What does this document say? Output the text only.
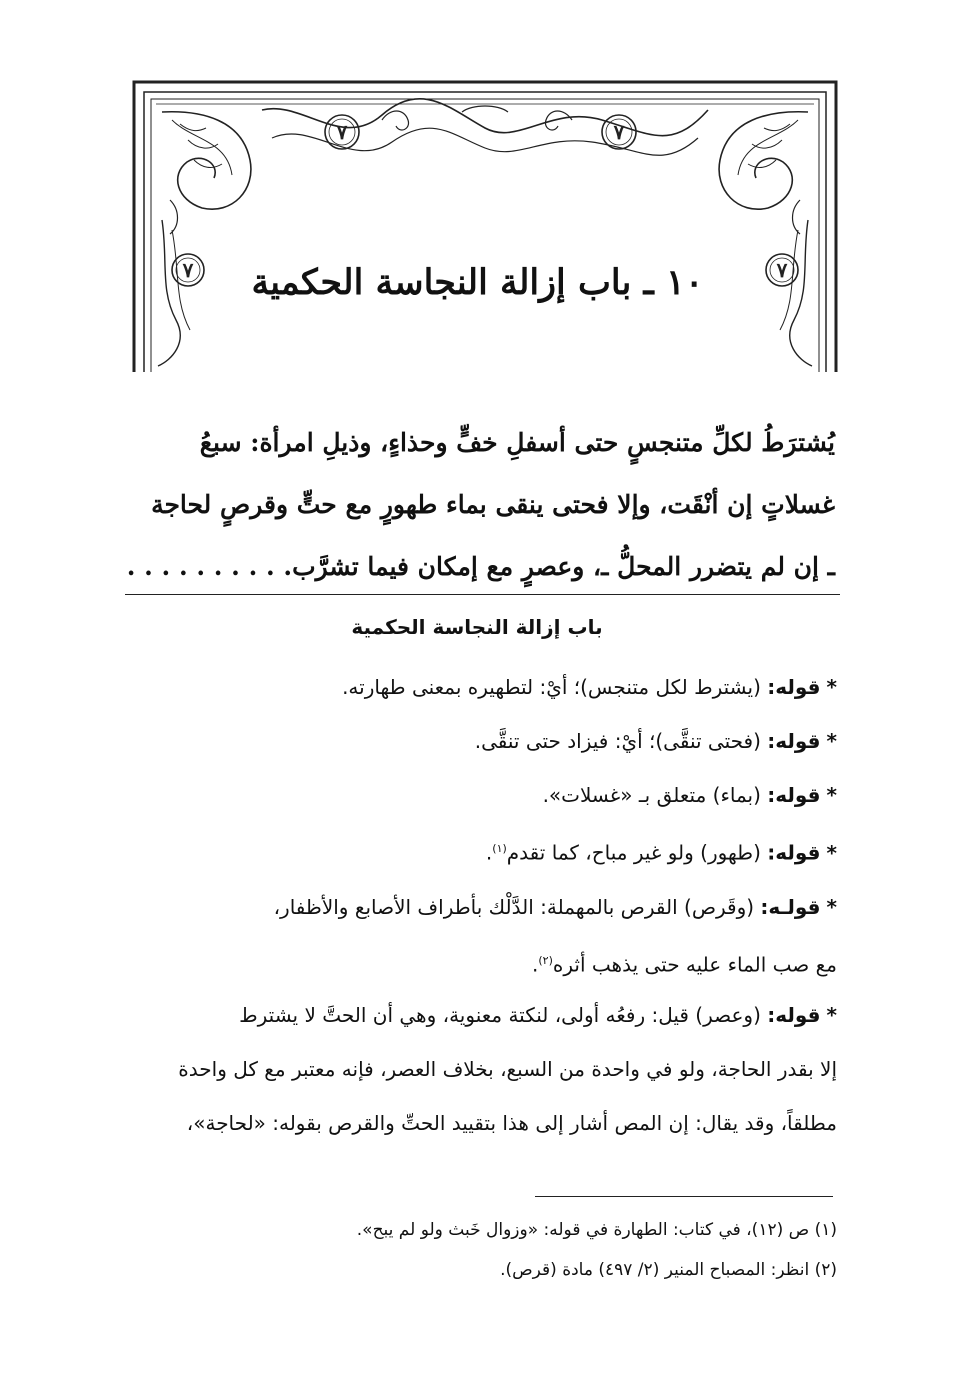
٧	٧
٧	٧
١٠ ـ باب إزالة النجاسة الحكمية
يُشترَطُ لكلِّ متنجسٍ حتى أسفلِ خفٍّ وحذاءٍ، وذيلِ امرأة: سبعُ
غسلاتٍ إن أنْقَت، وإلا فحتى ينقى بماء طهورٍ مع حتٍّ وقرصٍ لحاجة
ـ إن لم يتضرر المحلُّ ـ، وعصرٍ مع إمكان فيما تشرَّب. . . . . . . . . .
باب إزالة النجاسة الحكمية
*قوله: (يشترط لكل متنجس)؛ أيْ: لتطهيره بمعنى طهارته.
*قوله: (فحتى تنقَّى)؛ أيْ: فيزاد حتى تنقَّى.
*قوله: (بماء) متعلق بـ «غسلات».
*قوله: (طهور) ولو غير مباح، كما تقدم$^{(١)}$.
*قولـه: (وقَرص) القرص بالمهملة: الدَّلْك بأطراف الأصابع والأظفار،
مع صب الماء عليه حتى يذهب أثره$^{(٢)}$.
*قوله: (وعصر) قيل: رفعُه أولى، لنكتة معنوية، وهي أن الحتَّ لا يشترط
إلا بقدر الحاجة، ولو في واحدة من السبع، بخلاف العصر، فإنه معتبر مع كل واحدة
مطلقاً، وقد يقال: إن المص أشار إلى هذا بتقييد الحتِّ والقرص بقوله: «لحاجة»،
(١) ص (١٢)، في كتاب: الطهارة في قوله: «وزوال خَبث ولو لم يبح».
(٢) انظر: المصباح المنير (٢/ ٤٩٧) مادة (قرص).
